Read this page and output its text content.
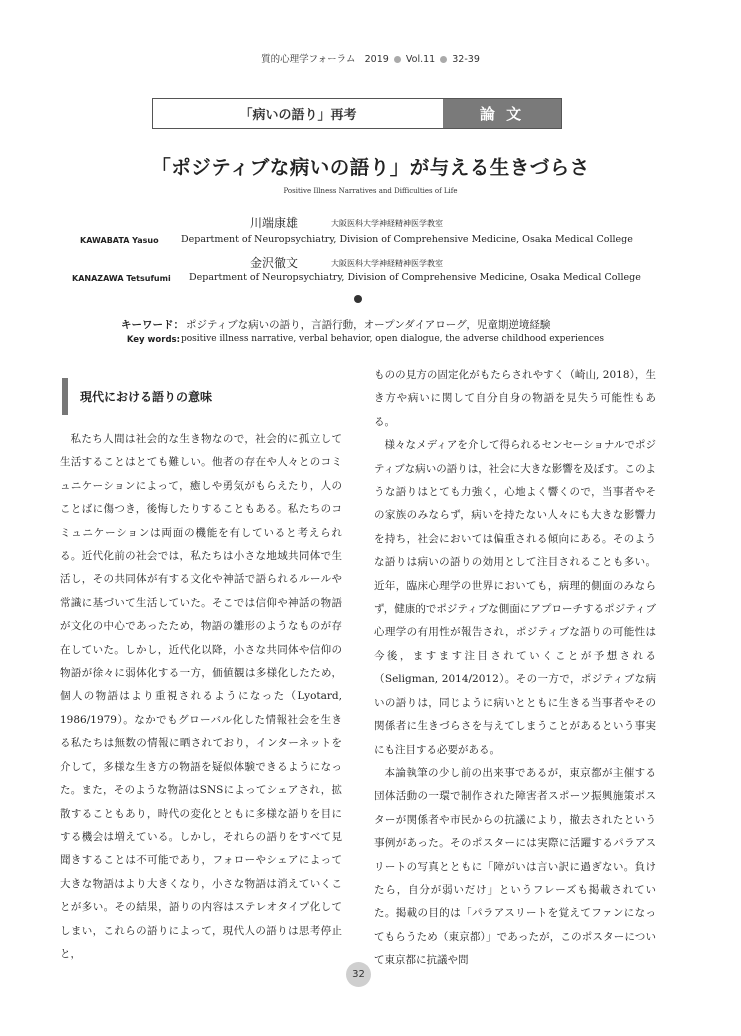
質的心理学フォーラム 2019 Vol.11 32-39
「病いの語り」再考	論 文
「ポジティブな病いの語り」が与える生きづらさ
Positive Illness Narratives and Difficulties of Life
川端康雄	大阪医科大学神経精神医学教室
KAWABATA Yasuo Department of Neuropsychiatry, Division of Comprehensive Medicine, Osaka Medical College
金沢徹文	大阪医科大学神経精神医学教室
KANAZAWA Tetsufumi Department of Neuropsychiatry, Division of Comprehensive Medicine, Osaka Medical College
キーワード： ポジティブな病いの語り，言語行動，オープンダイアローグ，児童期逆境経験
Key words: positive illness narrative, verbal behavior, open dialogue, the adverse childhood experiences
現代における語りの意味

私たち人間は社会的な生き物なので，社会的に孤立して生活することはとても難しい。他者の存在や人々とのコミュニケーションによって，癒しや勇気がもらえたり，人のことばに傷つき，後悔したりすることもある。私たちのコミュニケーションは両面の機能を有していると考えられる。近代化前の社会では，私たちは小さな地域共同体で生活し，その共同体が有する文化や神話で語られるルールや常識に基づいて生活していた。そこでは信仰や神話の物語が文化の中心であったため，物語の雛形のようなものが存在していた。しかし，近代化以降，小さな共同体や信仰の物語が徐々に弱体化する一方，価値観は多様化したため，個人の物語はより重視されるようになった（Lyotard, 1986/1979）。なかでもグローバル化した情報社会を生きる私たちは無数の情報に晒されており，インターネットを介して，多様な生き方の物語を疑似体験できるようになった。また，そのような物語はSNSによってシェアされ，拡散することもあり，時代の変化とともに多様な語りを目にする機会は増えている。しかし，それらの語りをすべて見聞きすることは不可能であり，フォローやシェアによって大きな物語はより大きくなり，小さな物語は消えていくことが多い。その結果，語りの内容はステレオタイプ化してしまい，これらの語りによって，現代人の語りは思考停止と，

ものの見方の固定化がもたらされやすく（崎山, 2018），生き方や病いに関して自分自身の物語を見失う可能性もある。

様々なメディアを介して得られるセンセーショナルでポジティブな病いの語りは，社会に大きな影響を及ぼす。このような語りはとても力強く，心地よく響くので，当事者やその家族のみならず，病いを持たない人々にも大きな影響力を持ち，社会においては偏重される傾向にある。そのような語りは病いの語りの効用として注目されることも多い。近年，臨床心理学の世界においても，病理的側面のみならず，健康的でポジティブな側面にアプローチするポジティブ心理学の有用性が報告され，ポジティブな語りの可能性は今後，ますます注目されていくことが予想される（Seligman, 2014/2012）。その一方で，ポジティブな病いの語りは，同じように病いとともに生きる当事者やその関係者に生きづらさを与えてしまうことがあるという事実にも注目する必要がある。

本論執筆の少し前の出来事であるが，東京都が主催する団体活動の一環で制作された障害者スポーツ振興施策ポスターが関係者や市民からの抗議により，撤去されたという事例があった。そのポスターには実際に活躍するパラアスリートの写真とともに「障がいは言い訳に過ぎない。負けたら，自分が弱いだけ」というフレーズも掲載されていた。掲載の目的は「パラアスリートを覚えてファンになってもらうため（東京都）」であったが，このポスターについて東京都に抗議や問

32
